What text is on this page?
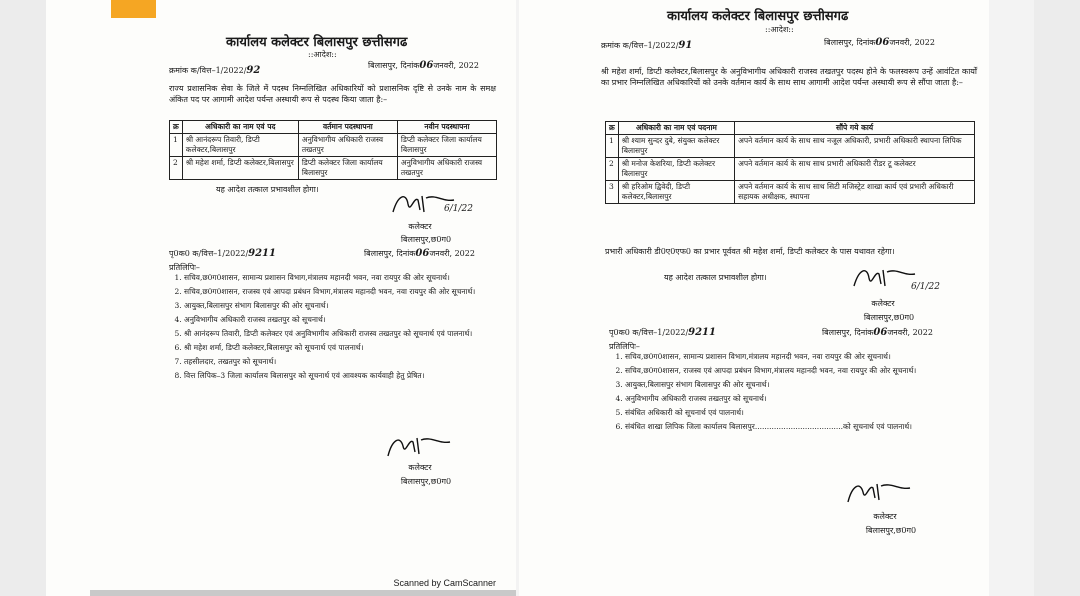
कार्यालय कलेक्टर बिलासपुर छत्तीसगढ
::आदेश::
क्रमांक क/वित्त–1/2022/92	बिलासपुर, दिनांक06जनवरी, 2022
राज्य प्रशासनिक सेवा के जिले में पदस्थ निम्नलिखित अधिकारियों को प्रशासनिक दृष्टि से उनके नाम के समक्ष अंकित पद पर आगामी आदेश पर्यन्त अस्थायी रूप से पदस्थ किया जाता है:–
क्र	अधिकारी का नाम एवं पद	वर्तमान पदस्थापना	नवीन पदस्थापना
1	श्री आनंदरूप तिवारी, डिप्टी कलेक्टर,बिलासपुर	अनुविभागीय अधिकारी राजस्व तखतपुर	डिप्टी कलेक्टर जिला कार्यालय बिलासपुर
2	श्री महेश शर्मा, डिप्टी कलेक्टर,बिलासपुर	डिप्टी कलेक्टर जिला कार्यालय बिलासपुर	अनुविभागीय अधिकारी राजस्व तखतपुर
यह आदेश तत्काल प्रभावशील होगा।
6/1/22
कलेक्टर
बिलासपुर,छ0ग0
पृ0क0 क/वित्त–1/2022/9211	बिलासपुर, दिनांक06जनवरी, 2022
प्रतिलिपिः–
1. सचिव,छ0ग0शासन, सामान्य प्रशासन विभाग,मंत्रालय महानदी भवन, नवा रायपुर की ओर सूचनार्थ।
2. सचिव,छ0ग0शासन, राजस्व एवं आपदा प्रबंधन विभाग,मंत्रालय महानदी भवन, नवा रायपुर की ओर सूचनार्थ।
3. आयुक्त,बिलासपुर संभाग बिलासपुर की ओर सूचनार्थ।
4. अनुविभागीय अधिकारी राजस्व तखतपुर को सूचनार्थ।
5. श्री आनंदरूप तिवारी, डिप्टी कलेक्टर एवं अनुविभागीय अधिकारी राजस्व तखतपुर को सूचनार्थ एवं पालनार्थ।
6. श्री महेश शर्मा, डिप्टी कलेक्टर,बिलासपुर को सूचनार्थ एवं पालनार्थ।
7. तहसीलदार, तखतपुर को सूचनार्थ।
8. वित्त लिपिक–3 जिला कार्यालय बिलासपुर को सूचनार्थ एवं आवश्यक कार्यवाही हेतु प्रेषित।
कलेक्टर
बिलासपुर,छ0ग0
Scanned by CamScanner
कार्यालय कलेक्टर बिलासपुर छत्तीसगढ
::आदेश::
क्रमांक क/वित्त–1/2022/91	बिलासपुर, दिनांक06जनवरी, 2022
श्री महेश शर्मा, डिप्टी कलेक्टर,बिलासपुर के अनुविभागीय अधिकारी राजस्व तखतपुर पदस्थ होने के फलस्वरूप उन्हें आवंटित कार्यों का प्रभार निम्नलिखित अधिकारियों को उनके वर्तमान कार्य के साथ साथ आगामी आदेश पर्यन्त अस्थायी रूप से सौंपा जाता है:–
क्र	अधिकारी का नाम एवं पदनाम	सौंपे गये कार्य
1	श्री श्याम सुन्दर दुबे, संयुक्त कलेक्टर बिलासपुर	अपने वर्तमान कार्य के साथ साथ नजूल अधिकारी, प्रभारी अधिकारी स्थापना लिपिक
2	श्री मनोज केशरिया, डिप्टी कलेक्टर बिलासपुर	अपने वर्तमान कार्य के साथ साथ प्रभारी अधिकारी रीडर टू कलेक्टर
3	श्री हरिओम द्विवेदी, डिप्टी कलेक्टर,बिलासपुर	अपने वर्तमान कार्य के साथ साथ सिटी मजिस्ट्रेट शाखा कार्य एवं प्रभारी अधिकारी सहायक अधीक्षक, स्थापना
प्रभारी अधिकारी डी0ए0एफ0 का प्रभार पूर्ववत श्री महेश शर्मा, डिप्टी कलेक्टर के पास यथावत रहेगा।
यह आदेश तत्काल प्रभावशील होगा।
6/1/22
कलेक्टर
बिलासपुर,छ0ग0
पृ0क0 क/वित्त–1/2022/9211	बिलासपुर, दिनांक06जनवरी, 2022
प्रतिलिपिः–
1. सचिव,छ0ग0शासन, सामान्य प्रशासन विभाग,मंत्रालय महानदी भवन, नवा रायपुर की ओर सूचनार्थ।
2. सचिव,छ0ग0शासन, राजस्व एवं आपदा प्रबंधन विभाग,मंत्रालय महानदी भवन, नवा रायपुर की ओर सूचनार्थ।
3. आयुक्त,बिलासपुर संभाग बिलासपुर की ओर सूचनार्थ।
4. अनुविभागीय अधिकारी राजस्व तखतपुर को सूचनार्थ।
5. संबंधित अधिकारी को सूचनार्थ एवं पालनार्थ।
6. संबंधित शाखा लिपिक जिला कार्यालय बिलासपुर.....................................को सूचनार्थ एवं पालनार्थ।
कलेक्टर
बिलासपुर,छ0ग0
